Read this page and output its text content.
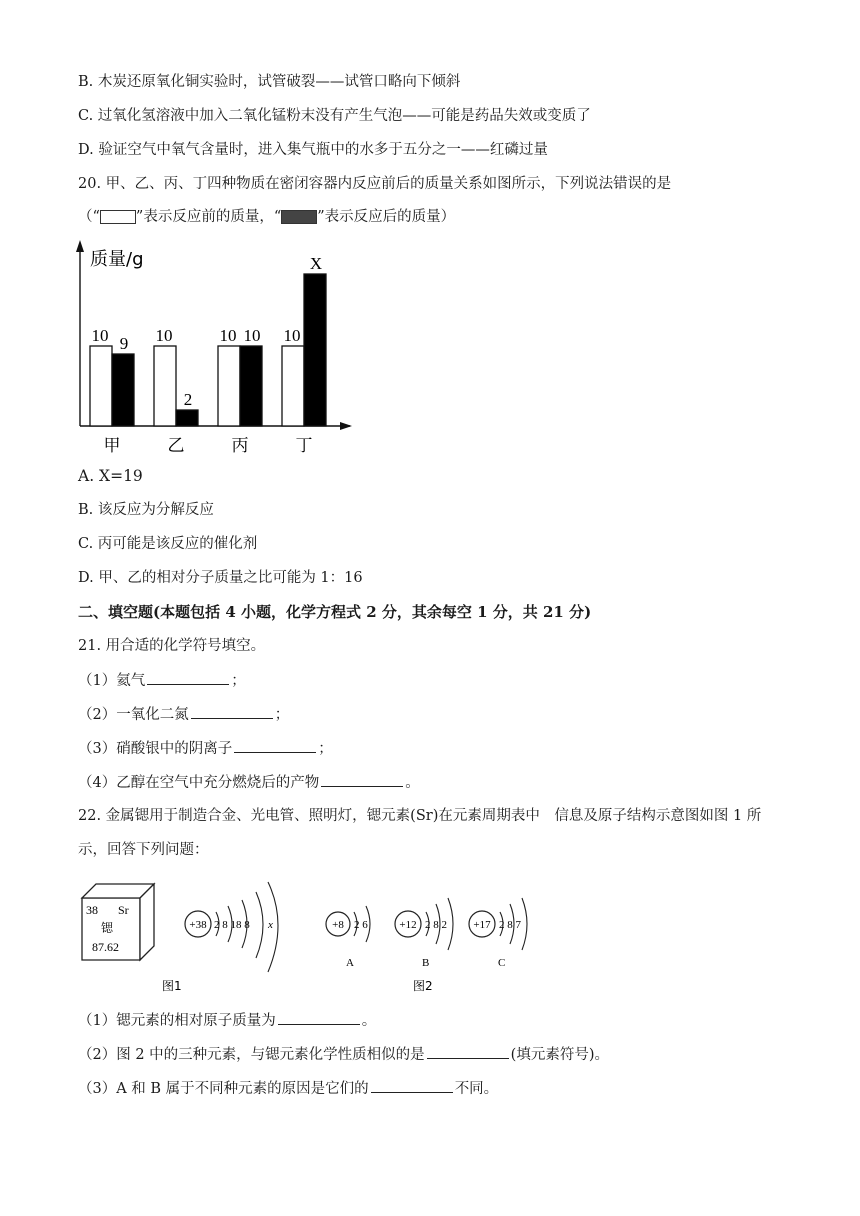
B. 木炭还原氧化铜实验时，试管破裂——试管口略向下倾斜
C. 过氧化氢溶液中加入二氧化锰粉末没有产生气泡——可能是药品失效或变质了
D. 验证空气中氧气含量时，进入集气瓶中的水多于五分之一——红磷过量
20. 甲、乙、丙、丁四种物质在密闭容器内反应前后的质量关系如图所示，下列说法错误的是
（“ ”表示反应前的质量，“ ”表示反应后的质量）
质量/g
10 9
甲
10
2
乙
10 10
丙
10
X
丁
A. X=19
B. 该反应为分解反应
C. 丙可能是该反应的催化剂
D. 甲、乙的相对分子质量之比可能为 1：16
二、填空题(本题包括 4 小题，化学方程式 2 分，其余每空 1 分，共 21 分)
21. 用合适的化学符号填空。
（1）氦气	；
（2）一氧化二氮	；
（3）硝酸银中的阴离子	；
（4）乙醇在空气中充分燃烧后的产物	。
22. 金属锶用于制造合金、光电管、照明灯，锶元素(Sr)在元素周期表中　信息及原子结构示意图如图 1 所
示，回答下列问题：
38 Sr
锶
87.62
+38 2 8 18 8 x
图1
+8 2 6
A
+12 2 8 2
B
+17 2 8 7
C
图2
（1）锶元素的相对原子质量为	。
（2）图 2 中的三种元素，与锶元素化学性质相似的是	(填元素符号)。
（3）A 和 B 属于不同种元素的原因是它们的	不同。
